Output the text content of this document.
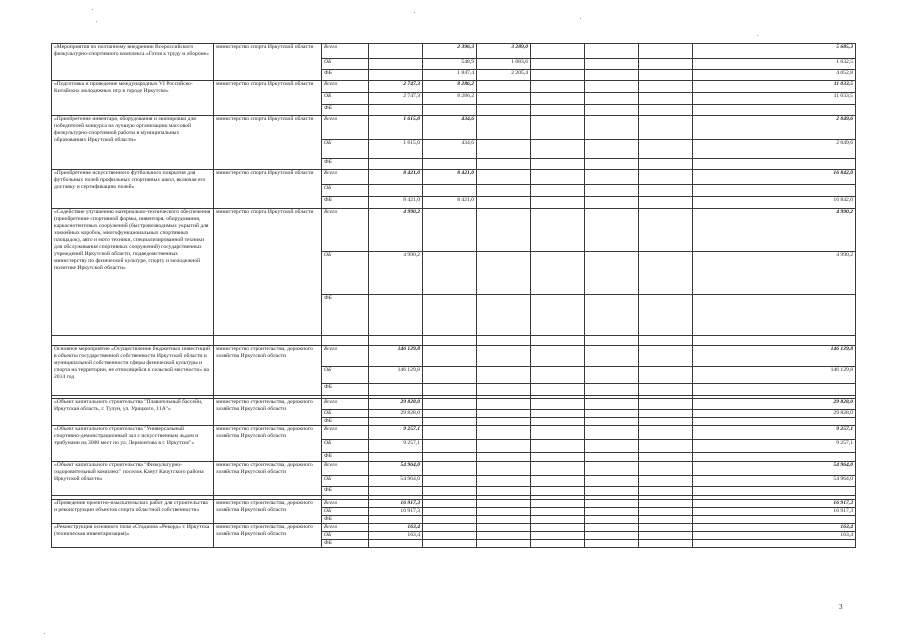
«Мероприятия по поэтапному внедрению Всероссийского физкультурно-спортивного комплекса «Готов к труду и обороне»	министерство спорта Иркутской области	Всего		2 396,3	3 289,0				5 685,3
		ОБ		548,9	1 083,6				1 632,5
		ФБ		1 847,4	2 205,4				4 052,8
«Подготовка и проведение международных VI Российско-Китайских молодежных игр в городе Иркутске»	министерство спорта Иркутской области	Всего	2 747,3	8 286,2					11 033,5
		ОБ	2 747,3	8 286,2					11 033,5
		ФБ							
«Приобретение инвентаря, оборудования и экипировки для победителей конкурса на лучшую организацию массовой физкультурно-спортивной работы в муниципальных образованиях Иркутской области»	министерство спорта Иркутской области	Всего	1 615,0	434,6					2 049,6
		ОБ	1 615,0	434,6					2 049,6
		ФБ							
«Приобретение искусственного футбольного покрытия для футбольных полей профильных спортивных школ, включая его доставку и сертификацию полей»	министерство спорта Иркутской области	Всего	8 421,0	8 421,0					16 842,0
		ОБ							
		ФБ	8 421,0	8 421,0					16 842,0
«Содействие улучшению материально-технического обеспечения (приобретение спортивной формы, инвентаря, оборудования, каркаснотентовых сооружений (быстровозводимых укрытий для хоккейных коробок, многофункциональных спортивных площадок), авто и мото техники, специализированной техники для обслуживания спортивных сооружений) государственных учреждений Иркутской области, подведомственных министерству по физической культуре, спорту и молодежной политике Иркутской области»	министерство спорта Иркутской области	Всего	4 990,2						4 990,2
		ОБ	4 990,2						4 990,2
		ФБ							

Основное мероприятие «Осуществление бюджетных инвестиций в объекты государственной собственности Иркутской области и муниципальной собственности сферы физической культуры и спорта на территории, не относящейся к сельской местности» на 2014 год	министерство строительства, дорожного хозяйства Иркутской области	Всего	146 129,8						146 129,8
		ОБ	146 129,8						146 129,8
		ФБ							

«Объект капитального строительства "Плавательный бассейн, Иркутская область, г. Тулун, ул. Урицкого, 11А"»	министерство строительства, дорожного хозяйства Иркутской области	Всего	29 828,0						29 828,0
		ОБ	29 828,0						29 828,0
		ФБ							
«Объект капитального строительства "Универсальный спортивно-демонстрационный зал с искусственным льдом и трибунами на 3000 мест по ул. Лермонтова в г. Иркутске"»	министерство строительства, дорожного хозяйства Иркутской области	Всего	9 257,1						9 257,1
		ОБ	9 257,1						9 257,1
		ФБ							
«Объект капитального строительства "Физкультурно-оздоровительный комплекс" поселок Кануг Качугского района Иркутской области»	министерство строительства, дорожного хозяйства Иркутской области	Всего	54 964,0						54 964,0
		ОБ	54 964,0						54 964,0
		ФБ							

«Проведение проектно-изыскательских работ для строительства и реконструкции объектов спорта областной собственности»	министерство строительства, дорожного хозяйства Иркутской области	Всего	16 917,3						16 917,3
		ОБ	16 917,3						16 917,3
		ФБ							
«Реконструкция основного поля «Стадиона «Рекорд» г. Иркутска (техническая инвентаризация)»	министерство строительства, дорожного хозяйства Иркутской области	Всего	163,4						163,4
		ОБ	163,4						163,4
		ФБ							
3
